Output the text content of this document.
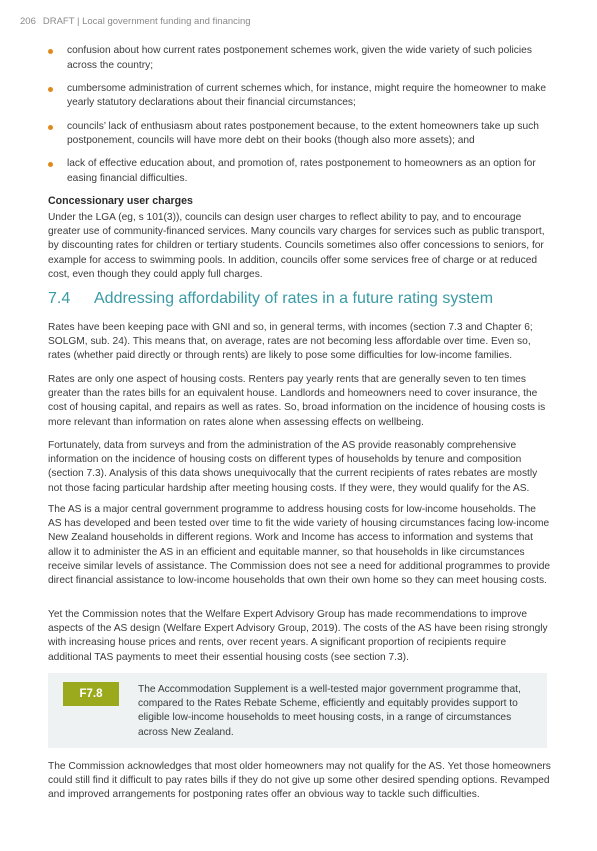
206 DRAFT | Local government funding and financing
confusion about how current rates postponement schemes work, given the wide variety of such policies across the country;
cumbersome administration of current schemes which, for instance, might require the homeowner to make yearly statutory declarations about their financial circumstances;
councils’ lack of enthusiasm about rates postponement because, to the extent homeowners take up such postponement, councils will have more debt on their books (though also more assets); and
lack of effective education about, and promotion of, rates postponement to homeowners as an option for easing financial difficulties.
Concessionary user charges

Under the LGA (eg, s 101(3)), councils can design user charges to reflect ability to pay, and to encourage greater use of community-financed services. Many councils vary charges for services such as public transport, by discounting rates for children or tertiary students. Councils sometimes also offer concessions to seniors, for example for access to swimming pools. In addition, councils offer some services free of charge or at reduced cost, even though they could apply full charges.

7.4 Addressing affordability of rates in a future rating system

Rates have been keeping pace with GNI and so, in general terms, with incomes (section 7.3 and Chapter 6; SOLGM, sub. 24). This means that, on average, rates are not becoming less affordable over time. Even so, rates (whether paid directly or through rents) are likely to pose some difficulties for low-income families.

Rates are only one aspect of housing costs. Renters pay yearly rents that are generally seven to ten times greater than the rates bills for an equivalent house. Landlords and homeowners need to cover insurance, the cost of housing capital, and repairs as well as rates. So, broad information on the incidence of housing costs is more relevant than information on rates alone when assessing effects on wellbeing.

Fortunately, data from surveys and from the administration of the AS provide reasonably comprehensive information on the incidence of housing costs on different types of households by tenure and composition (section 7.3). Analysis of this data shows unequivocally that the current recipients of rates rebates are mostly not those facing particular hardship after meeting housing costs. If they were, they would qualify for the AS.

The AS is a major central government programme to address housing costs for low-income households. The AS has developed and been tested over time to fit the wide variety of housing circumstances facing low-income New Zealand households in different regions. Work and Income has access to information and systems that allow it to administer the AS in an efficient and equitable manner, so that households in like circumstances receive similar levels of assistance. The Commission does not see a need for additional programmes to provide direct financial assistance to low-income households that own their own home so they can meet housing costs.

Yet the Commission notes that the Welfare Expert Advisory Group has made recommendations to improve aspects of the AS design (Welfare Expert Advisory Group, 2019). The costs of the AS have been rising strongly with increasing house prices and rents, over recent years. A significant proportion of recipients require additional TAS payments to meet their essential housing costs (see section 7.3).

F7.8	The Accommodation Supplement is a well-tested major government programme that, compared to the Rates Rebate Scheme, efficiently and equitably provides support to eligible low-income households to meet housing costs, in a range of circumstances across New Zealand.

The Commission acknowledges that most older homeowners may not qualify for the AS. Yet those homeowners could still find it difficult to pay rates bills if they do not give up some other desired spending options. Revamped and improved arrangements for postponing rates offer an obvious way to tackle such difficulties.
